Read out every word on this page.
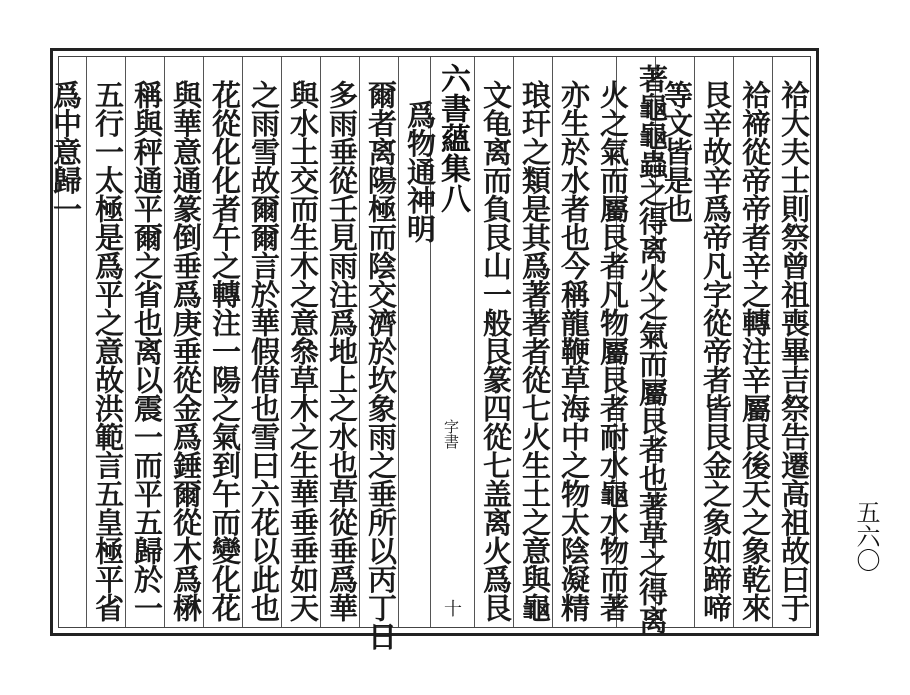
祫大夫士則祭曾祖喪畢吉祭告遷高祖故曰于
祫禘從帝帝者辛之轉注辛屬艮後天之象乾來
艮辛故辛爲帝凡字從帝者皆艮金之象如蹄啼
等文皆是也
著龜龜蟲之得离火之氣而屬艮者也著草之得离
火之氣而屬艮者凡物屬艮者耐水龜水物而著
亦生於水者也今稱龍鞭草海中之物太陰凝精
琅玕之類是其爲著著者從七火生土之意與龜
文龟离而負艮山一般艮篆四從七盖离火爲艮
六書蘊集八
字書
十
爲物通神明
爾者离陽極而陰交濟於坎象雨之垂所以丙丁日
多雨垂從壬見雨注爲地上之水也草從垂爲華
與水土交而生木之意叅草木之生華垂垂如天
之雨雪故爾爾言於華假借也雪曰六花以此也
花從化化者午之轉注一陽之氣到午而變化花
與華意通篆倒垂爲庚垂從金爲錘爾從木爲楙
稱與秤通平爾之省也离以震一而平五歸於一
五行一太極是爲平之意故洪範言五皇極平省
爲中意歸一
五六〇
